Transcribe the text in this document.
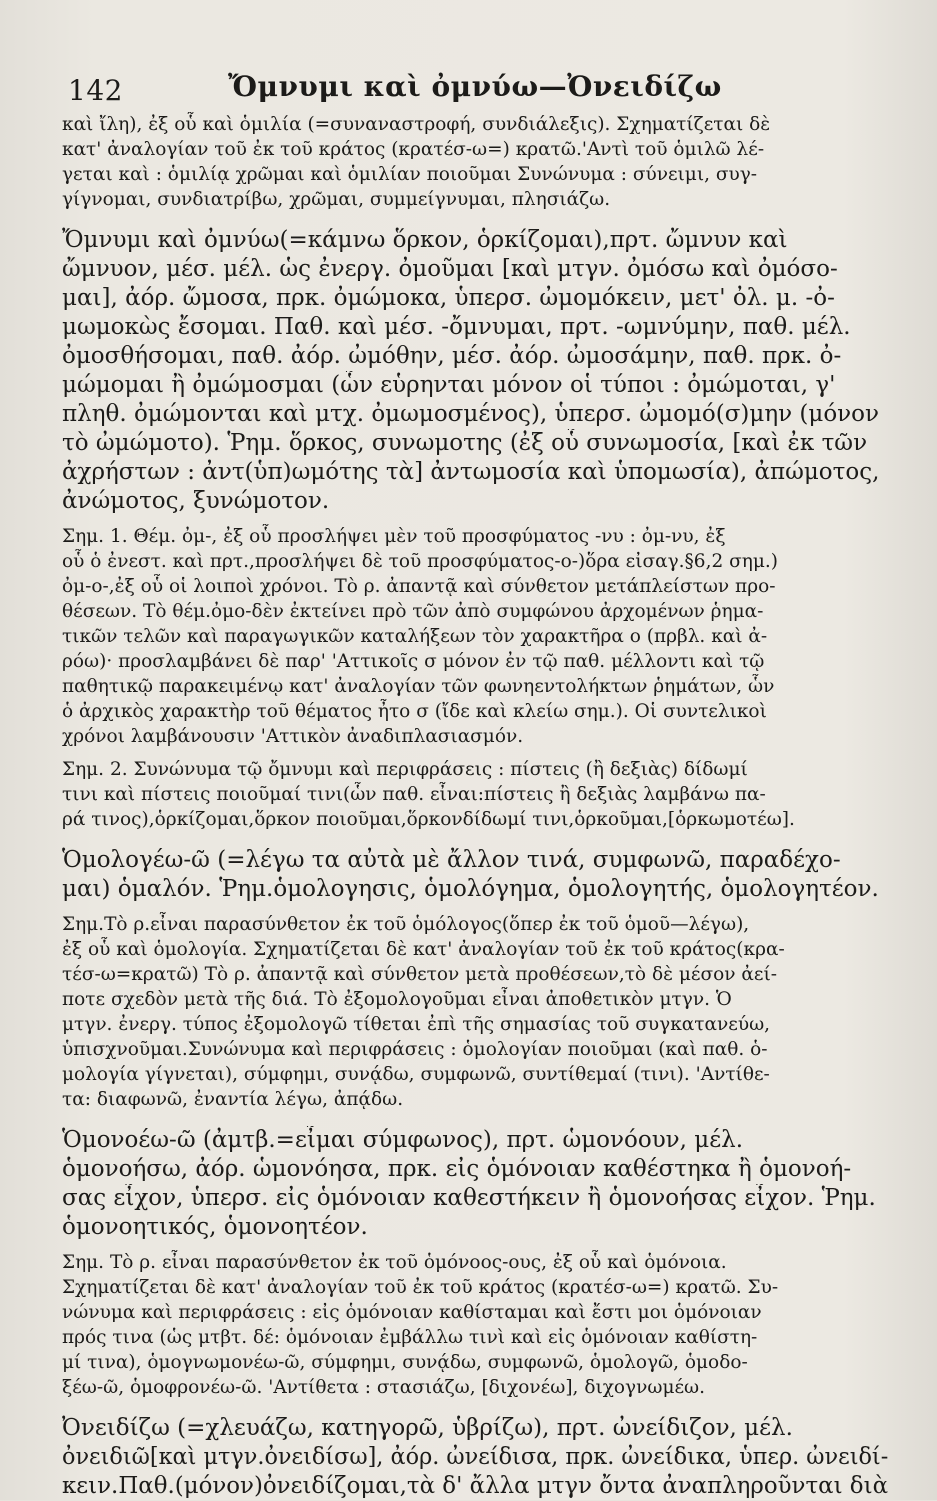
142	Ὄμνυμι καὶ ὀμνύω—Ὀνειδίζω
καὶ ἴλη), ἐξ οὗ καὶ ὁμιλία (=συναναστροφή, συνδιάλεξις). Σχηματίζεται δὲ
κατ' ἀναλογίαν τοῦ ἐκ τοῦ κράτος (κρατέσ-ω=) κρατῶ.'Αντὶ τοῦ ὁμιλῶ λέ-
γεται καὶ : ὁμιλίᾳ χρῶμαι καὶ ὁμιλίαν ποιοῦμαι Συνώνυμα : σύνειμι, συγ-
γίγνομαι, συνδιατρίβω, χρῶμαι, συμμείγνυμαι, πλησιάζω.
Ὄμνυμι καὶ ὀμνύω(=κάμνω ὅρκον, ὁρκίζομαι),πρτ. ὤμνυν καὶ
ὤμνυον, μέσ. μέλ. ὡς ἐνεργ. ὀμοῦμαι [καὶ μτγν. ὀμόσω καὶ ὀμόσο-
μαι], ἀόρ. ὤμοσα, πρκ. ὀμώμοκα, ὑπερσ. ὠμομόκειν, μετ' ὀλ. μ. -ὀ-
μωμοκὼς ἔσομαι. Παθ. καὶ μέσ. -ὄμνυμαι, πρτ. -ωμνύμην, παθ. μέλ.
ὀμοσθήσομαι, παθ. ἀόρ. ὠμόθην, μέσ. ἀόρ. ὠμοσάμην, παθ. πρκ. ὀ-
μώμομαι ἢ ὀμώμοσμαι (ὧν εὑρηνται μόνον οἱ τύποι : ὀμώμοται, γ'
πληθ. ὀμώμονται καὶ μτχ. ὀμωμοσμένος), ὑπερσ. ὠμομό(σ)μην (μόνον
τὸ ὠμώμοτο). Ῥημ. ὅρκος, συνωμοτης (ἐξ οὗ συνωμοσία, [καὶ ἐκ τῶν
ἀχρήστων : ἀντ(ὑπ)ωμότης τὰ] ἀντωμοσία καὶ ὑπομωσία), ἀπώμοτος,
ἀνώμοτος, ξυνώμοτον.
Σημ. 1. Θέμ. ὀμ-, ἐξ οὗ προσλήψει μὲν τοῦ προσφύματος -νυ : ὀμ-νυ, ἐξ
οὗ ὁ ἐνεστ. καὶ πρτ.,προσλήψει δὲ τοῦ προσφύματος-ο-)ὅρα εἰσαγ.§6,2 σημ.)
ὀμ-ο-,ἐξ οὗ οἱ λοιποὶ χρόνοι. Τὸ ρ. ἀπαντᾷ καὶ σύνθετον μετάπλείστων προ-
θέσεων. Τὸ θέμ.ὀμο-δὲν ἐκτείνει πρὸ τῶν ἀπὸ συμφώνου ἀρχομένων ῥημα-
τικῶν τελῶν καὶ παραγωγικῶν καταλήξεων τὸν χαρακτῆρα ο (πρβλ. καὶ ἀ-
ρόω)· προσλαμβάνει δὲ παρ' 'Αττικοῖς σ μόνον ἐν τῷ παθ. μέλλοντι καὶ τῷ
παθητικῷ παρακειμένῳ κατ' ἀναλογίαν τῶν φωνηεντολήκτων ῥημάτων, ὧν
ὁ ἀρχικὸς χαρακτὴρ τοῦ θέματος ἦτο σ (ἴδε καὶ κλείω σημ.). Οἱ συντελικοὶ
χρόνοι λαμβάνουσιν 'Αττικὸν ἀναδιπλασιασμόν.
Σημ. 2. Συνώνυμα τῷ ὄμνυμι καὶ περιφράσεις : πίστεις (ἢ δεξιὰς) δίδωμί
τινι καὶ πίστεις ποιοῦμαί τινι(ὧν παθ. εἶναι:πίστεις ἢ δεξιὰς λαμβάνω πα-
ρά τινος),ὁρκίζομαι,ὅρκον ποιοῦμαι,ὅρκονδίδωμί τινι,ὁρκοῦμαι,[ὁρκωμοτέω].
Ὁμολογέω-ῶ (=λέγω τα αὐτὰ μὲ ἄλλον τινά, συμφωνῶ, παραδέχο-
μαι) ὁμαλόν. Ῥημ.ὁμολογησις, ὁμολόγημα, ὁμολογητής, ὁμολογητέον.
Σημ.Τὸ ρ.εἶναι παρασύνθετον ἐκ τοῦ ὁμόλογος(ὅπερ ἐκ τοῦ ὁμοῦ—λέγω),
ἐξ οὗ καὶ ὁμολογία. Σχηματίζεται δὲ κατ' ἀναλογίαν τοῦ ἐκ τοῦ κράτος(κρα-
τέσ-ω=κρατῶ) Τὸ ρ. ἀπαντᾷ καὶ σύνθετον μετὰ προθέσεων,τὸ δὲ μέσον ἀεί-
ποτε σχεδὸν μετὰ τῆς διά. Τὸ ἐξομολογοῦμαι εἶναι ἀποθετικὸν μτγν. Ὁ
μτγν. ἐνεργ. τύπος ἐξομολογῶ τίθεται ἐπὶ τῆς σημασίας τοῦ συγκατανεύω,
ὑπισχνοῦμαι.Συνώνυμα καὶ περιφράσεις : ὁμολογίαν ποιοῦμαι (καὶ παθ. ὁ-
μολογία γίγνεται), σύμφημι, συνᾴδω, συμφωνῶ, συντίθεμαί (τινι). 'Αντίθε-
τα: διαφωνῶ, ἐναντία λέγω, ἀπᾴδω.
Ὁμονοέω-ῶ (ἀμτβ.=εἶμαι σύμφωνος), πρτ. ὡμονόουν, μέλ.
ὁμονοήσω, ἀόρ. ὡμονόησα, πρκ. εἰς ὁμόνοιαν καθέστηκα ἢ ὁμονοή-
σας εἶχον, ὑπερσ. εἰς ὁμόνοιαν καθεστήκειν ἢ ὁμονοήσας εἶχον. Ῥημ.
ὁμονοητικός, ὁμονοητέον.
Σημ. Τὸ ρ. εἶναι παρασύνθετον ἐκ τοῦ ὁμόνοος-ους, ἐξ οὗ καὶ ὁμόνοια.
Σχηματίζεται δὲ κατ' ἀναλογίαν τοῦ ἐκ τοῦ κράτος (κρατέσ-ω=) κρατῶ. Συ-
νώνυμα καὶ περιφράσεις : εἰς ὁμόνοιαν καθίσταμαι καὶ ἔστι μοι ὁμόνοιαν
πρός τινα (ὡς μτβτ. δέ: ὁμόνοιαν ἐμβάλλω τινὶ καὶ εἰς ὁμόνοιαν καθίστη-
μί τινα), ὁμογνωμονέω-ῶ, σύμφημι, συνᾴδω, συμφωνῶ, ὁμολογῶ, ὁμοδο-
ξέω-ῶ, ὁμοφρονέω-ῶ. 'Αντίθετα : στασιάζω, [διχονέω], διχογνωμέω.
Ὀνειδίζω (=χλευάζω, κατηγορῶ, ὑβρίζω), πρτ. ὠνείδιζον, μέλ.
ὀνειδιῶ[καὶ μτγν.ὀνειδίσω], ἀόρ. ὠνείδισα, πρκ. ὠνείδικα, ὑπερ. ὠνειδί-
κειν.Παθ.(μόνον)ὀνειδίζομαι,τὰ δ' ἄλλα μτγν ὄντα ἀναπληροῦνται διὰ
